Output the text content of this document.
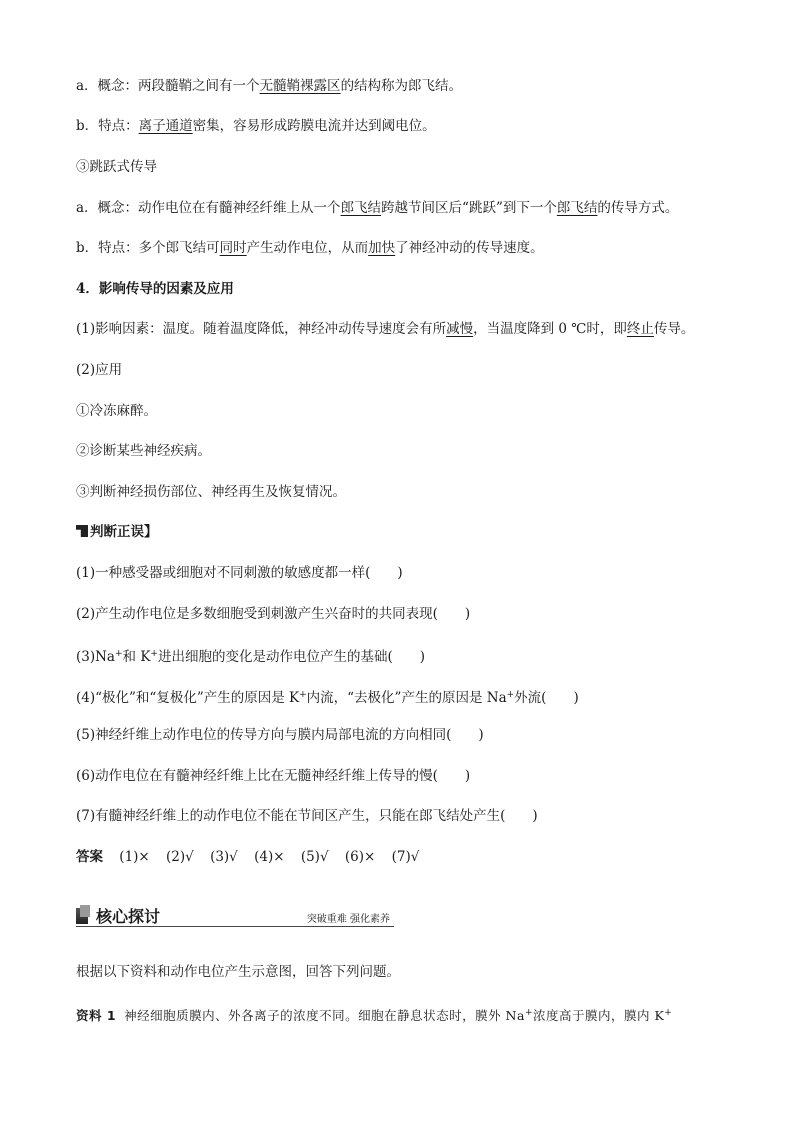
a．概念：两段髓鞘之间有一个无髓鞘裸露区的结构称为郎飞结。
b．特点：离子通道密集，容易形成跨膜电流并达到阈电位。
③跳跃式传导
a．概念：动作电位在有髓神经纤维上从一个郎飞结跨越节间区后“跳跃”到下一个郎飞结的传导方式。
b．特点：多个郎飞结可同时产生动作电位，从而加快了神经冲动的传导速度。
4．影响传导的因素及应用
(1)影响因素：温度。随着温度降低，神经冲动传导速度会有所减慢，当温度降到 0 ℃时，即终止传导。
(2)应用
①冷冻麻醉。
②诊断某些神经疾病。
③判断神经损伤部位、神经再生及恢复情况。
判断正误】
(1)一种感受器或细胞对不同刺激的敏感度都一样(　　)
(2)产生动作电位是多数细胞受到刺激产生兴奋时的共同表现(　　)
(3)Na+和 K+进出细胞的变化是动作电位产生的基础(　　)
(4)“极化”和“复极化”产生的原因是 K+内流，“去极化”产生的原因是 Na+外流(　　)
(5)神经纤维上动作电位的传导方向与膜内局部电流的方向相同(　　)
(6)动作电位在有髓神经纤维上比在无髓神经纤维上传导的慢(　　)
(7)有髓神经纤维上的动作电位不能在节间区产生，只能在郎飞结处产生(　　)
答案 (1)× (2)√ (3)√ (4)× (5)√ (6)× (7)√
核心探讨	突破重难 强化素养
根据以下资料和动作电位产生示意图，回答下列问题。
资料 1 神经细胞质膜内、外各离子的浓度不同。细胞在静息状态时，膜外 Na+浓度高于膜内，膜内 K+
